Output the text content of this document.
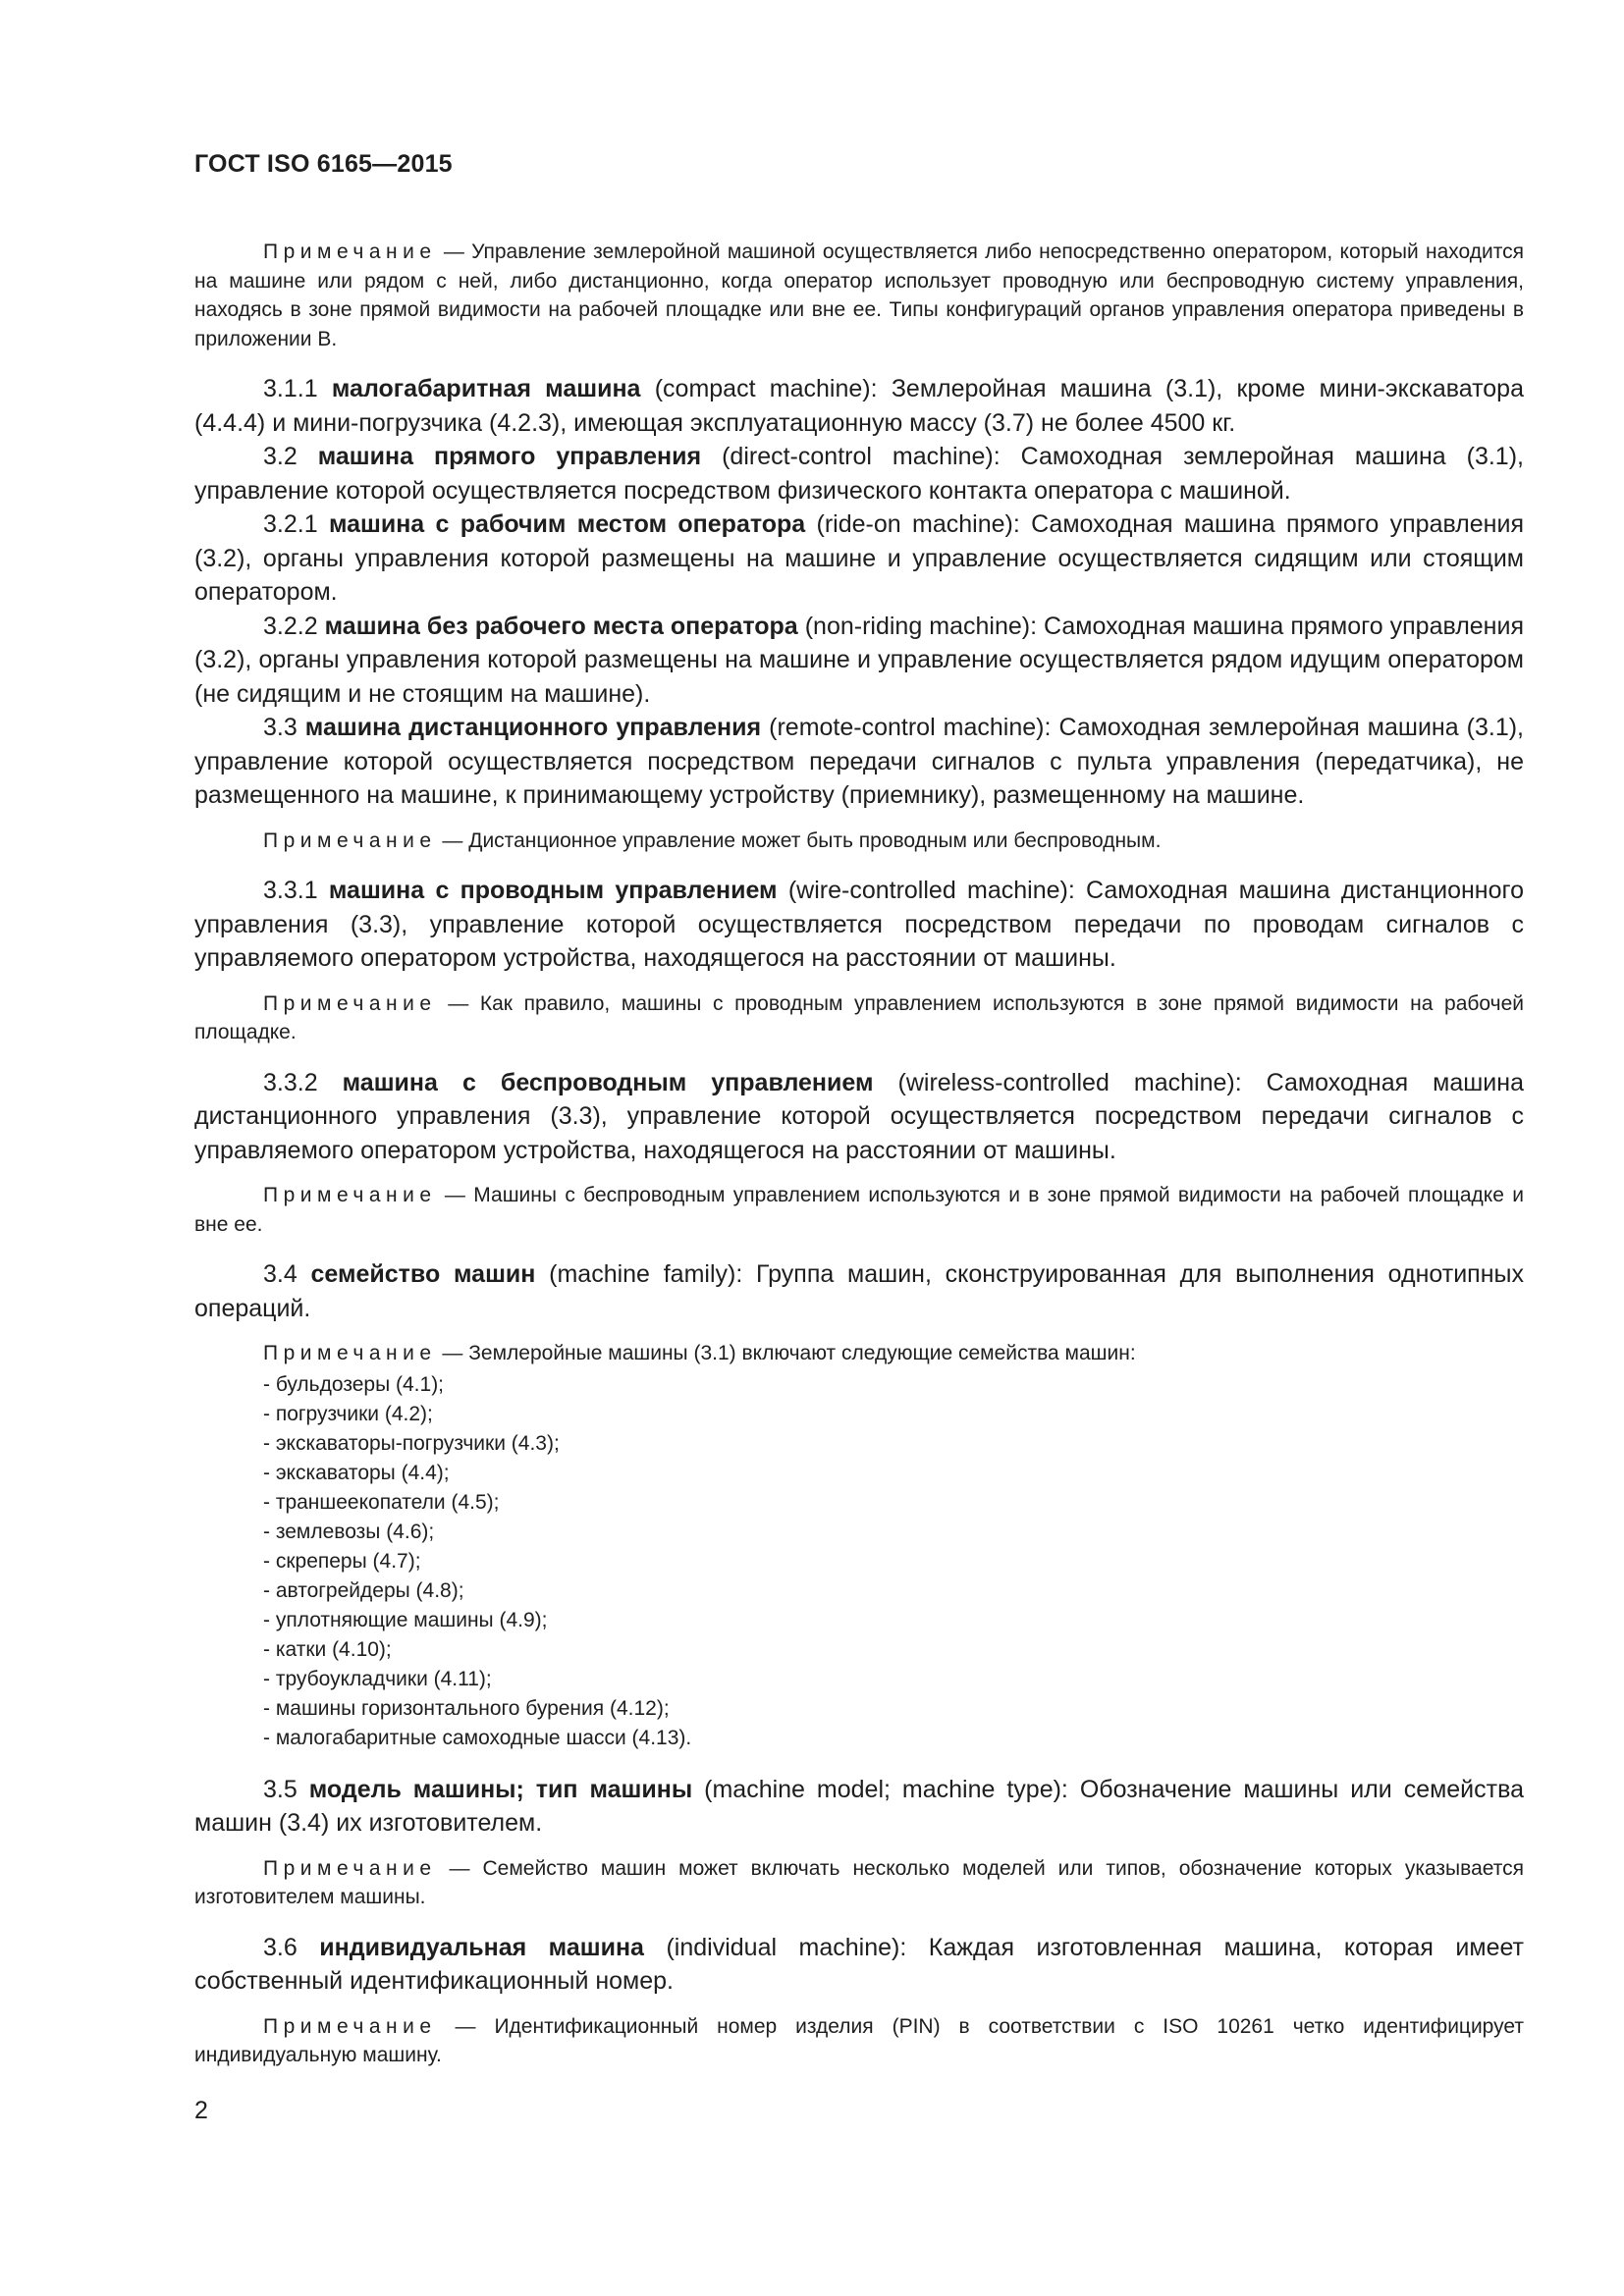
ГОСТ ISO 6165—2015

Примечание — Управление землеройной машиной осуществляется либо непосредственно оператором, который находится на машине или рядом с ней, либо дистанционно, когда оператор использует проводную или беспроводную систему управления, находясь в зоне прямой видимости на рабочей площадке или вне ее. Типы конфигураций органов управления оператора приведены в приложении В.

3.1.1 малогабаритная машина (compact machine): Землеройная машина (3.1), кроме мини-экскаватора (4.4.4) и мини-погрузчика (4.2.3), имеющая эксплуатационную массу (3.7) не более 4500 кг.

3.2 машина прямого управления (direct-control machine): Самоходная землеройная машина (3.1), управление которой осуществляется посредством физического контакта оператора с машиной.

3.2.1 машина с рабочим местом оператора (ride-on machine): Самоходная машина прямого управления (3.2), органы управления которой размещены на машине и управление осуществляется сидящим или стоящим оператором.

3.2.2 машина без рабочего места оператора (non-riding machine): Самоходная машина прямого управления (3.2), органы управления которой размещены на машине и управление осуществляется рядом идущим оператором (не сидящим и не стоящим на машине).

3.3 машина дистанционного управления (remote-control machine): Самоходная землеройная машина (3.1), управление которой осуществляется посредством передачи сигналов с пульта управления (передатчика), не размещенного на машине, к принимающему устройству (приемнику), размещенному на машине.

Примечание — Дистанционное управление может быть проводным или беспроводным.

3.3.1 машина с проводным управлением (wire-controlled machine): Самоходная машина дистанционного управления (3.3), управление которой осуществляется посредством передачи по проводам сигналов с управляемого оператором устройства, находящегося на расстоянии от машины.

Примечание — Как правило, машины с проводным управлением используются в зоне прямой видимости на рабочей площадке.

3.3.2 машина с беспроводным управлением (wireless-controlled machine): Самоходная машина дистанционного управления (3.3), управление которой осуществляется посредством передачи сигналов с управляемого оператором устройства, находящегося на расстоянии от машины.

Примечание — Машины с беспроводным управлением используются и в зоне прямой видимости на рабочей площадке и вне ее.

3.4 семейство машин (machine family): Группа машин, сконструированная для выполнения однотипных операций.

Примечание — Землеройные машины (3.1) включают следующие семейства машин:

- бульдозеры (4.1);
- погрузчики (4.2);
- экскаваторы-погрузчики (4.3);
- экскаваторы (4.4);
- траншеекопатели (4.5);
- землевозы (4.6);
- скреперы (4.7);
- автогрейдеры (4.8);
- уплотняющие машины (4.9);
- катки (4.10);
- трубоукладчики (4.11);
- машины горизонтального бурения (4.12);
- малогабаритные самоходные шасси (4.13).

3.5 модель машины; тип машины (machine model; machine type): Обозначение машины или семейства машин (3.4) их изготовителем.

Примечание — Семейство машин может включать несколько моделей или типов, обозначение которых указывается изготовителем машины.

3.6 индивидуальная машина (individual machine): Каждая изготовленная машина, которая имеет собственный идентификационный номер.

Примечание — Идентификационный номер изделия (PIN) в соответствии с ISO 10261 четко идентифицирует индивидуальную машину.

2
